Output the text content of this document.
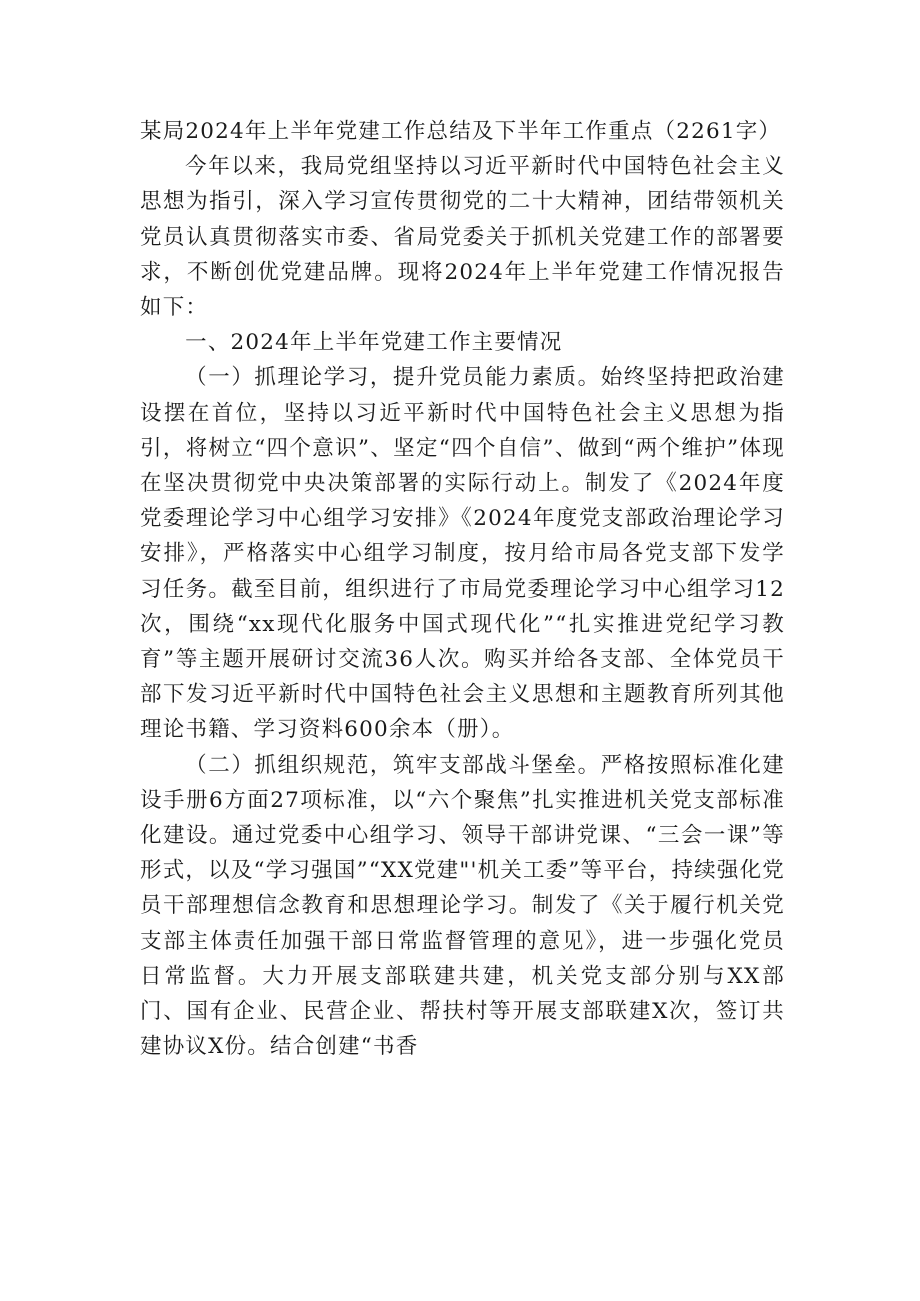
某局2024年上半年党建工作总结及下半年工作重点（2261字）

今年以来，我局党组坚持以习近平新时代中国特色社会主义思想为指引，深入学习宣传贯彻党的二十大精神，团结带领机关党员认真贯彻落实市委、省局党委关于抓机关党建工作的部署要求，不断创优党建品牌。现将2024年上半年党建工作情况报告如下：

一、2024年上半年党建工作主要情况

（一）抓理论学习，提升党员能力素质。始终坚持把政治建设摆在首位，坚持以习近平新时代中国特色社会主义思想为指引，将树立“四个意识”、坚定“四个自信”、做到“两个维护”体现在坚决贯彻党中央决策部署的实际行动上。制发了《2024年度党委理论学习中心组学习安排》《2024年度党支部政治理论学习安排》，严格落实中心组学习制度，按月给市局各党支部下发学习任务。截至目前，组织进行了市局党委理论学习中心组学习12次，围绕“xx现代化服务中国式现代化”“扎实推进党纪学习教育”等主题开展研讨交流36人次。购买并给各支部、全体党员干部下发习近平新时代中国特色社会主义思想和主题教育所列其他理论书籍、学习资料600余本（册）。

（二）抓组织规范，筑牢支部战斗堡垒。严格按照标准化建设手册6方面27项标准，以“六个聚焦”扎实推进机关党支部标准化建设。通过党委中心组学习、领导干部讲党课、“三会一课”等形式，以及“学习强国”“XX党建"'机关工委”等平台，持续强化党员干部理想信念教育和思想理论学习。制发了《关于履行机关党支部主体责任加强干部日常监督管理的意见》，进一步强化党员日常监督。大力开展支部联建共建，机关党支部分别与XX部门、国有企业、民营企业、帮扶村等开展支部联建X次，签订共建协议X份。结合创建“书香
